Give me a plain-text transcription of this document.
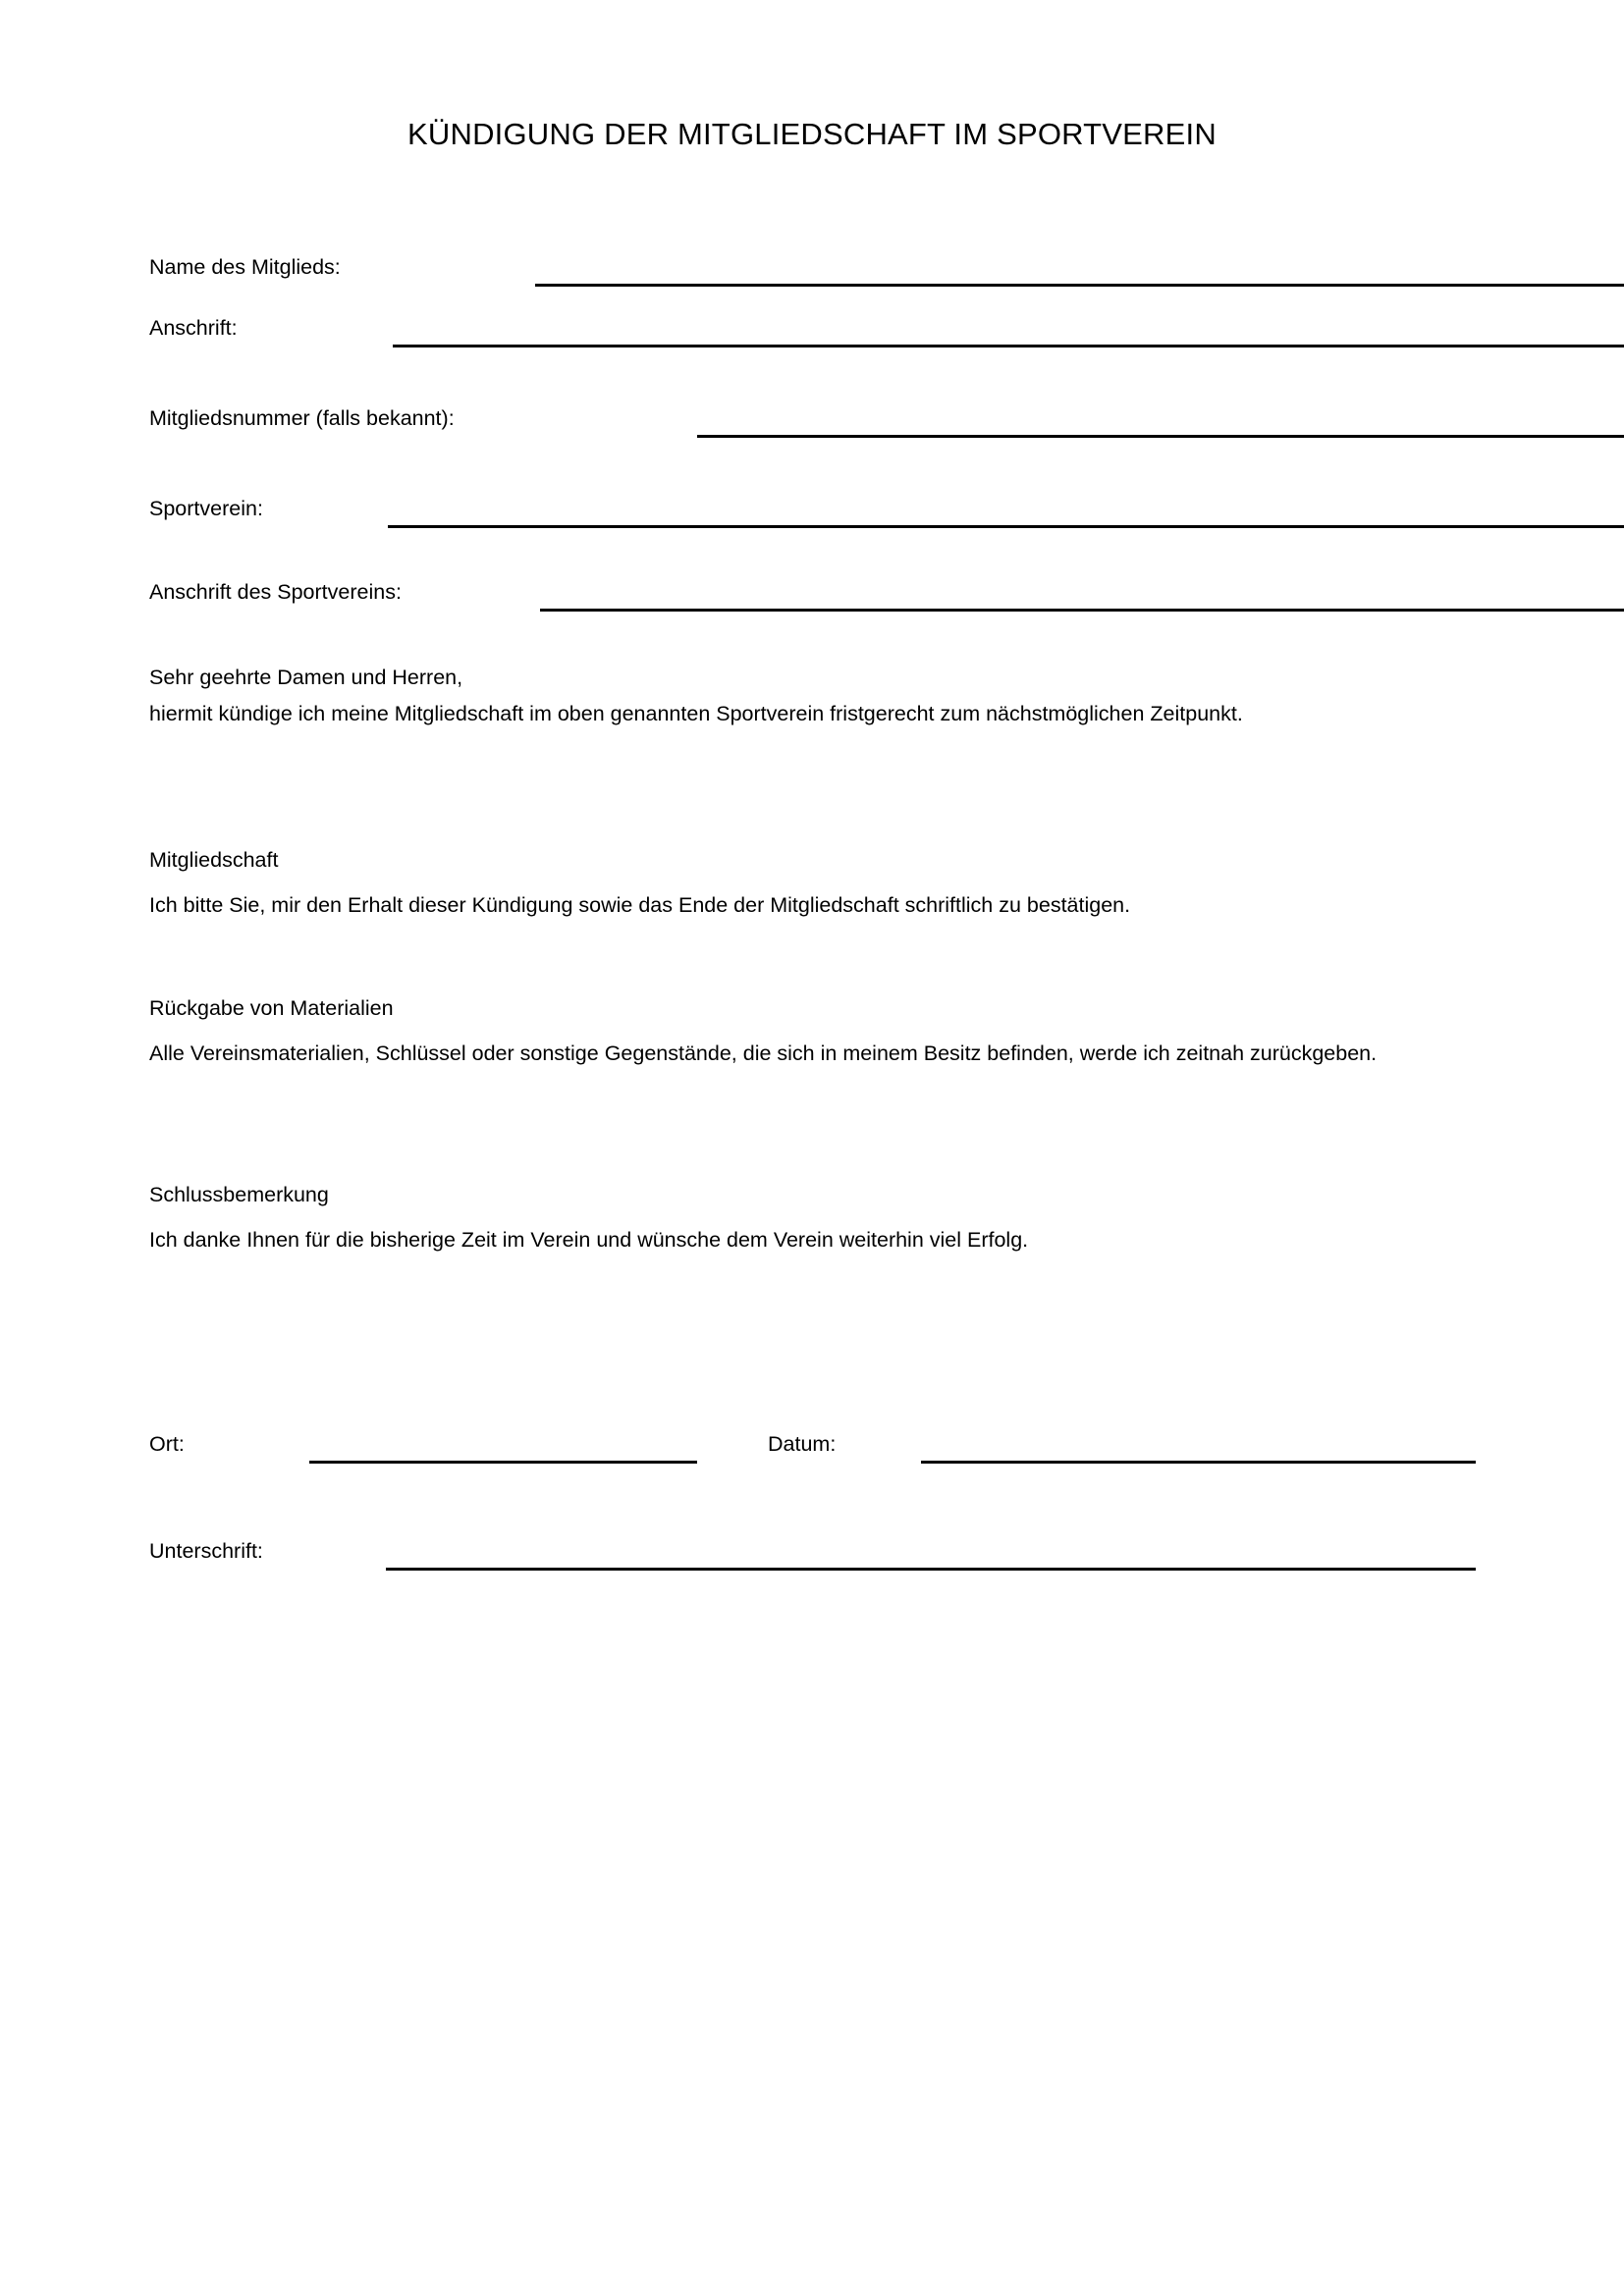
KÜNDIGUNG DER MITGLIEDSCHAFT IM SPORTVEREIN
Name des Mitglieds:
Anschrift:
Mitgliedsnummer (falls bekannt):
Sportverein:
Anschrift des Sportvereins:
Sehr geehrte Damen und Herren,
hiermit kündige ich meine Mitgliedschaft im oben genannten Sportverein fristgerecht zum nächstmöglichen Zeitpunkt.
Mitgliedschaft
Ich bitte Sie, mir den Erhalt dieser Kündigung sowie das Ende der Mitgliedschaft schriftlich zu bestätigen.
Rückgabe von Materialien
Alle Vereinsmaterialien, Schlüssel oder sonstige Gegenstände, die sich in meinem Besitz befinden, werde ich zeitnah zurückgeben.
Schlussbemerkung
Ich danke Ihnen für die bisherige Zeit im Verein und wünsche dem Verein weiterhin viel Erfolg.
Ort:	Datum:
Unterschrift:
